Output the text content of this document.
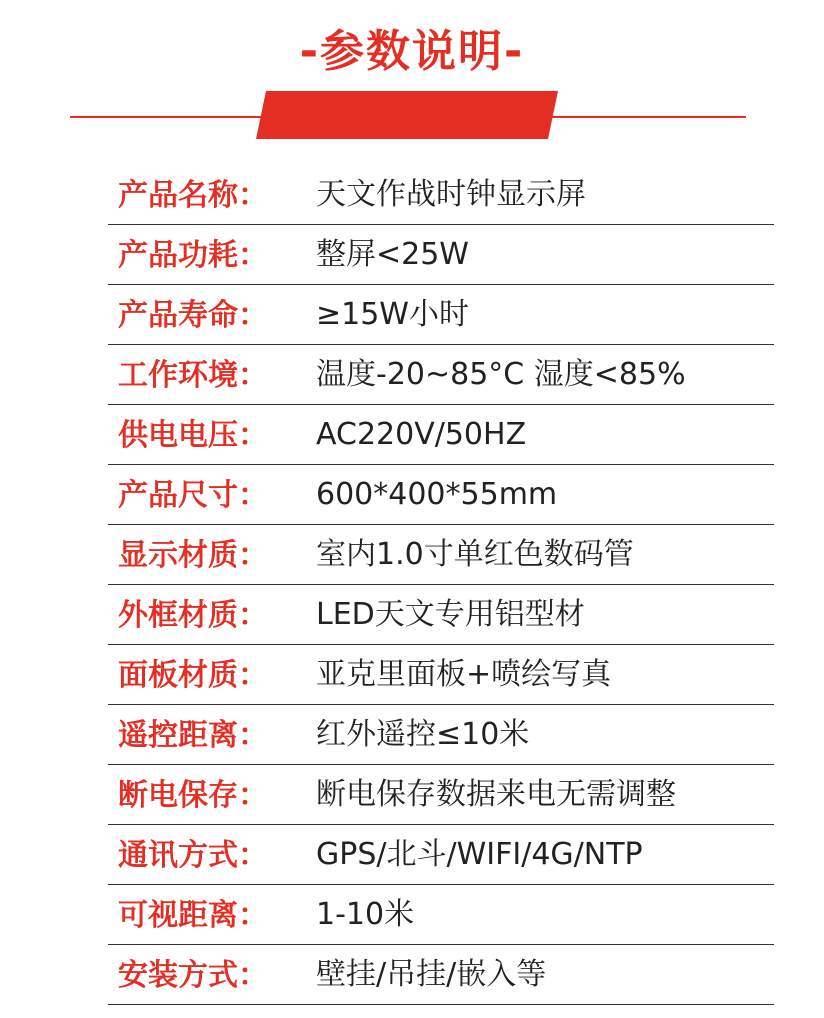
-参数说明-
产品名称： 天文作战时钟显示屏
产品功耗： 整屏<25W
产品寿命： ≥15W小时
工作环境： 温度-20~85°C 湿度<85%
供电电压： AC220V/50HZ
产品尺寸： 600*400*55mm
显示材质： 室内1.0寸单红色数码管
外框材质： LED天文专用铝型材
面板材质： 亚克里面板+喷绘写真
遥控距离： 红外遥控≤10米
断电保存： 断电保存数据来电无需调整
通讯方式： GPS/北斗/WIFI/4G/NTP
可视距离： 1-10米
安装方式： 壁挂/吊挂/嵌入等
